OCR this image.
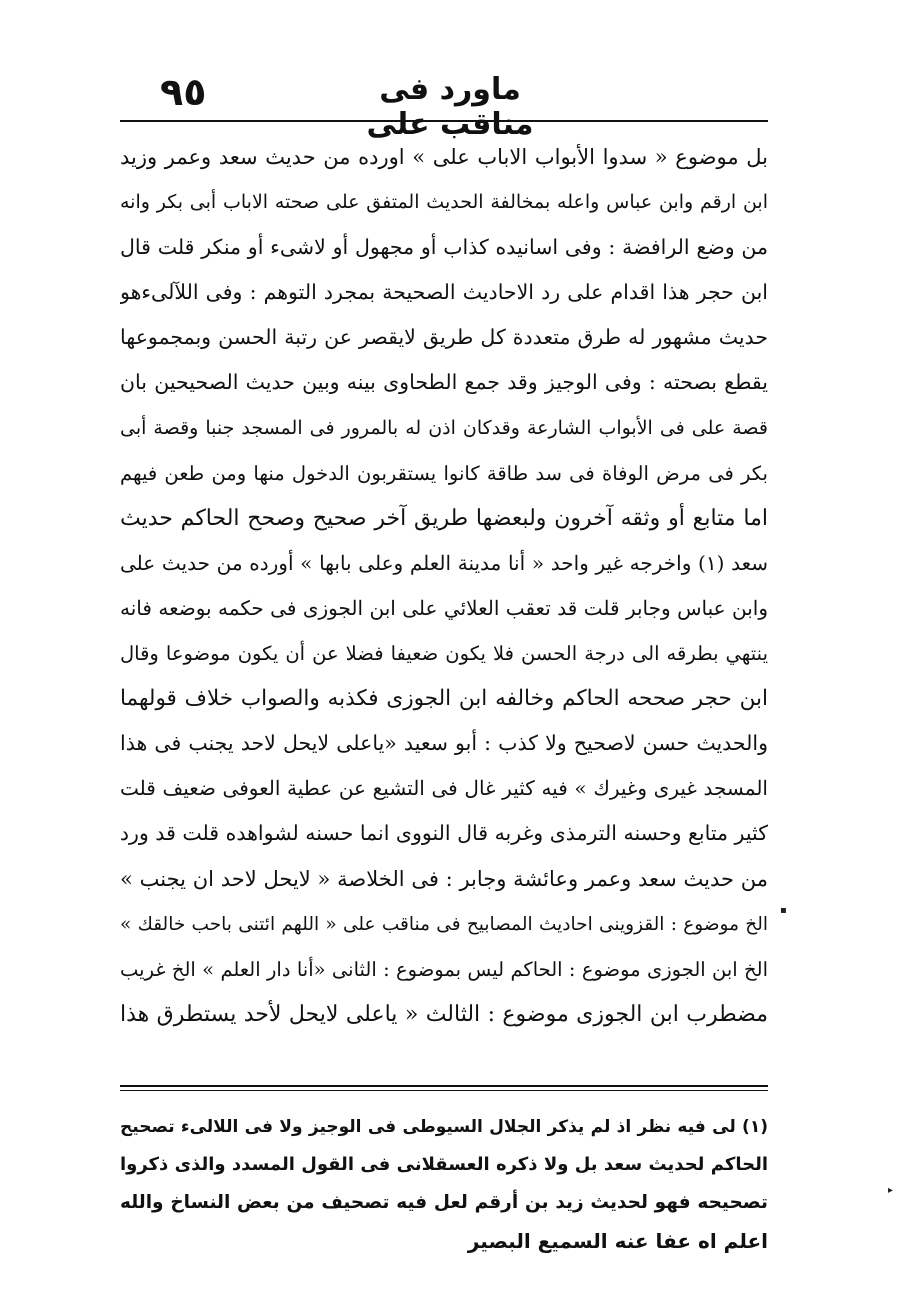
٩٥	ماورد فى مناقب على
بل موضوع « سدوا الأبواب الاباب على » اورده من حديث سعد وعمر وزيد
ابن ارقم وابن عباس واعله بمخالفة الحديث المتفق على صحته الاباب أبى بكر وانه
من وضع الرافضة : وفى اسانيده كذاب أو مجهول أو لاشىء أو منكر قلت قال
ابن حجر هذا اقدام على رد الاحاديث الصحيحة بمجرد التوهم : وفى اللآلىءهو
حديث مشهور له طرق متعددة كل طريق لايقصر عن رتبة الحسن وبمجموعها
يقطع بصحته : وفى الوجيز وقد جمع الطحاوى بينه وبين حديث الصحيحين بان
قصة على فى الأبواب الشارعة وقدكان اذن له بالمرور فى المسجد جنبا وقصة أبى
بكر فى مرض الوفاة فى سد طاقة كانوا يستقربون الدخول منها ومن طعن فيهم
اما متابع أو وثقه آخرون ولبعضها طريق آخر صحيح وصحح الحاكم حديث
سعد (١) واخرجه غير واحد « أنا مدينة العلم وعلى بابها » أورده من حديث على
وابن عباس وجابر قلت قد تعقب العلائي على ابن الجوزى فى حكمه بوضعه فانه
ينتهي بطرقه الى درجة الحسن فلا يكون ضعيفا فضلا عن أن يكون موضوعا وقال
ابن حجر صححه الحاكم وخالفه ابن الجوزى فكذبه والصواب خلاف قولهما
والحديث حسن لاصحيح ولا كذب : أبو سعيد «ياعلى لايحل لاحد يجنب فى هذا
المسجد غيرى وغيرك » فيه كثير غال فى التشيع عن عطية العوفى ضعيف قلت
كثير متابع وحسنه الترمذى وغربه قال النووى انما حسنه لشواهده قلت قد ورد
من حديث سعد وعمر وعائشة وجابر : فى الخلاصة « لايحل لاحد ان يجنب »
الخ موضوع : القزوينى احاديث المصابيح فى مناقب على « اللهم ائتنى باحب خالقك »
الخ ابن الجوزى موضوع : الحاكم ليس بموضوع : الثانى «أنا دار العلم » الخ غريب
مضطرب ابن الجوزى موضوع : الثالث « ياعلى لايحل لأحد يستطرق هذا
(١) لى فيه نظر اذ لم يذكر الجلال السيوطى فى الوجيز ولا فى اللالىء تصحيح
الحاكم لحديث سعد بل ولا ذكره العسقلانى فى القول المسدد والذى ذكروا
تصحيحه فهو لحديث زيد بن أرقم لعل فيه تصحيف من بعض النساخ والله
اعلم اه عفا عنه السميع البصير
▪
▸
